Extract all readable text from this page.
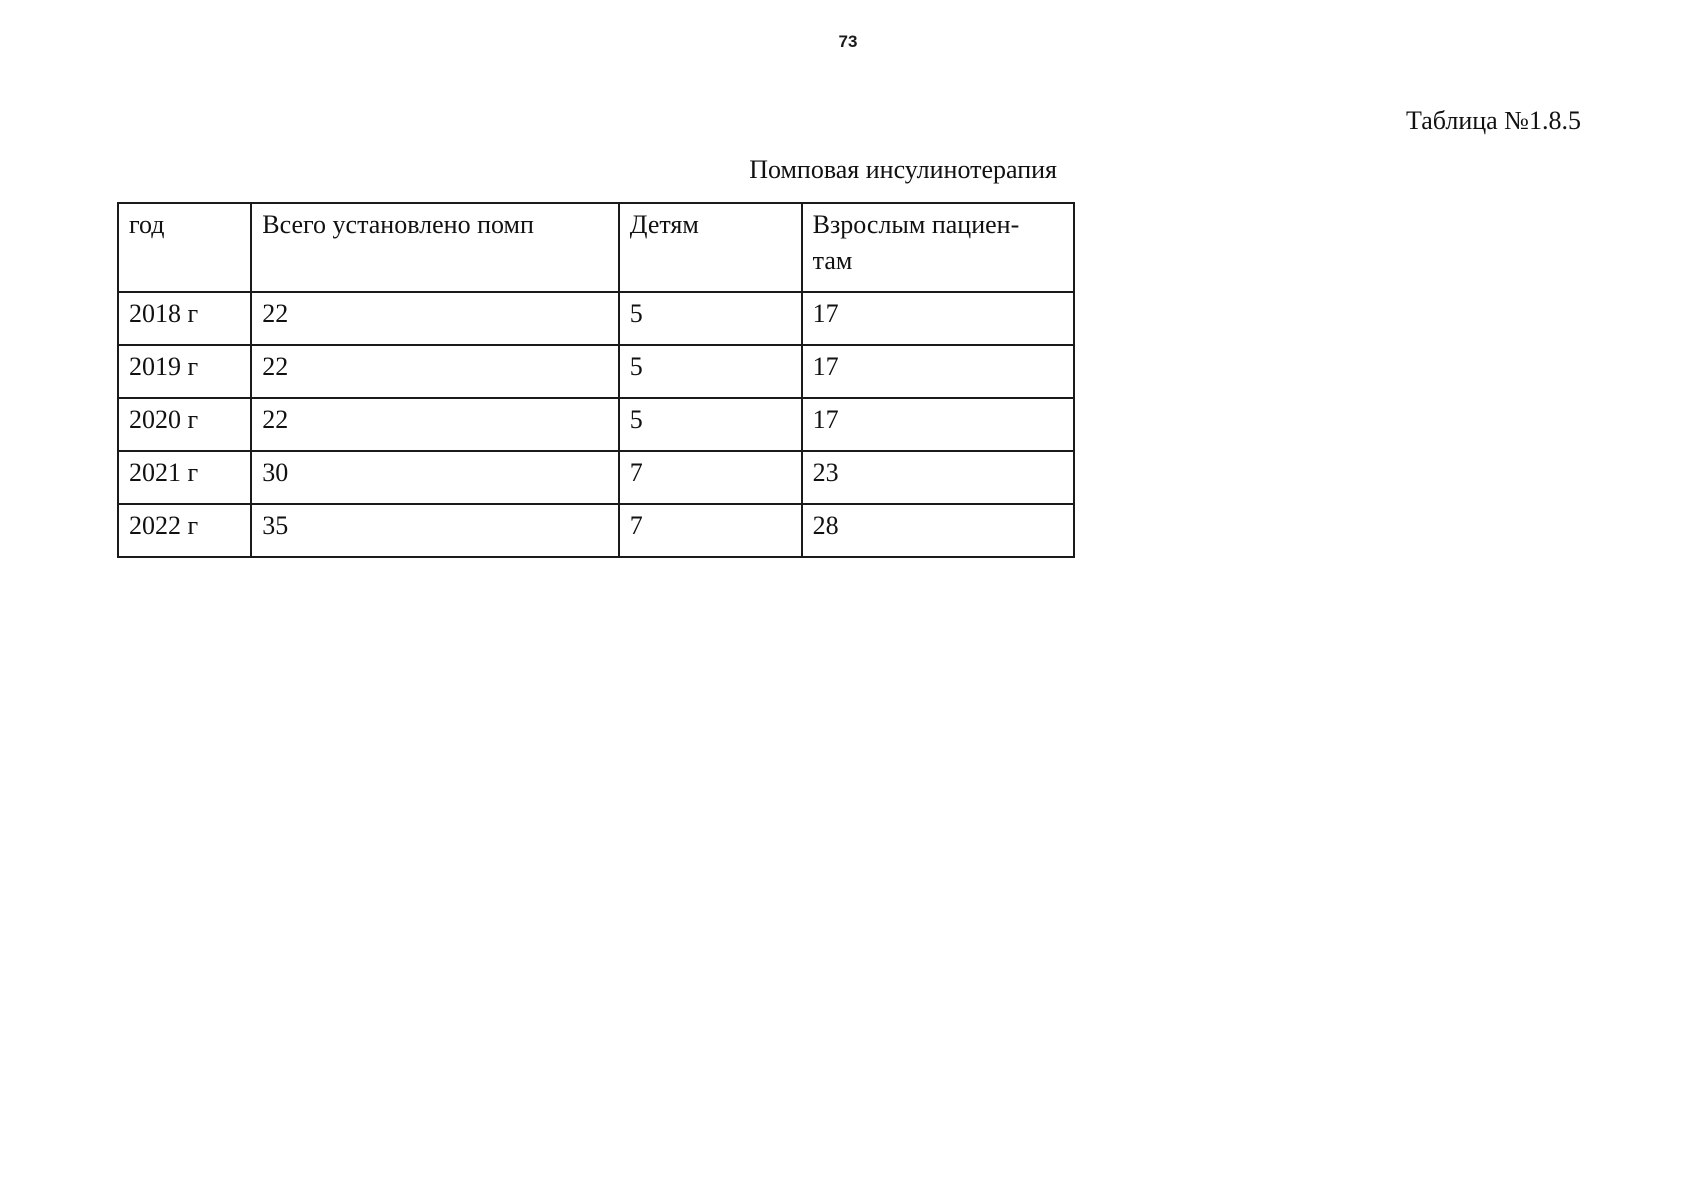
73
Таблица №1.8.5
Помповая инсулинотерапия
год	Всего установлено помп	Детям	Взрослым пациен-
там
2018 г	22	5	17
2019 г	22	5	17
2020 г	22	5	17
2021 г	30	7	23
2022 г	35	7	28
